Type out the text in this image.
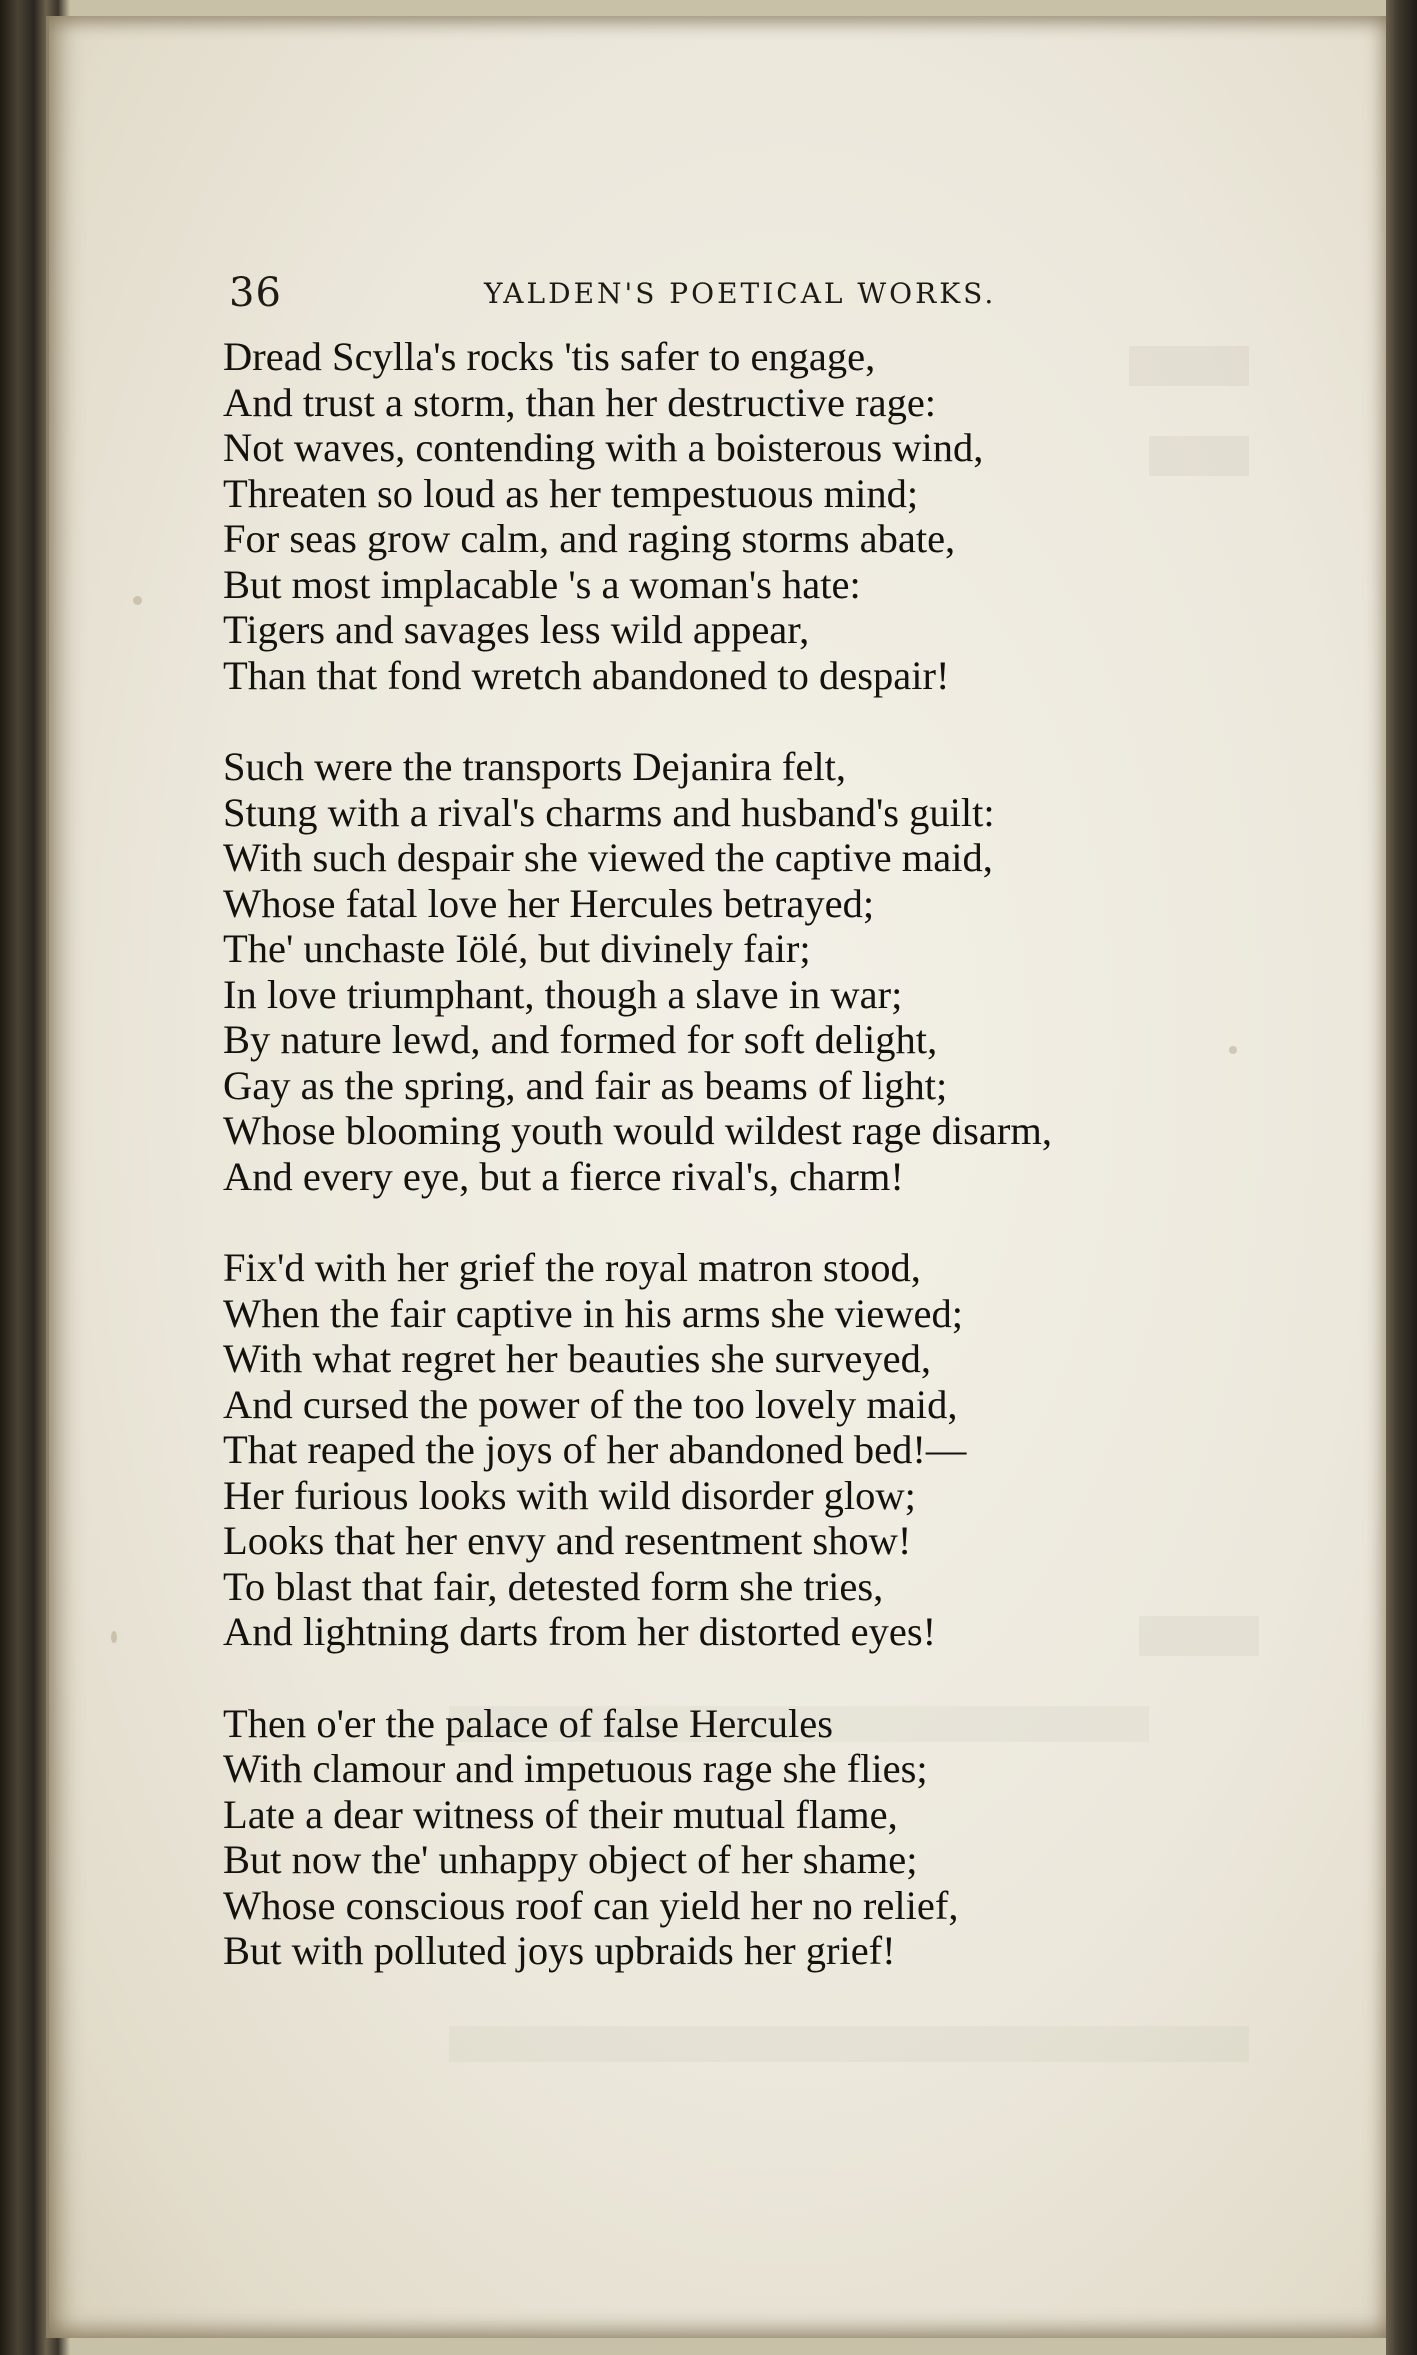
36	YALDEN'S POETICAL WORKS.
Dread Scylla's rocks 'tis safer to engage,
And trust a storm, than her destructive rage:
Not waves, contending with a boisterous wind,
Threaten so loud as her tempestuous mind;
For seas grow calm, and raging storms abate,
But most implacable 's a woman's hate:
Tigers and savages less wild appear,
Than that fond wretch abandoned to despair!
Such were the transports Dejanira felt,
Stung with a rival's charms and husband's guilt:
With such despair she viewed the captive maid,
Whose fatal love her Hercules betrayed;
The' unchaste Iölé, but divinely fair;
In love triumphant, though a slave in war;
By nature lewd, and formed for soft delight,
Gay as the spring, and fair as beams of light;
Whose blooming youth would wildest rage disarm,
And every eye, but a fierce rival's, charm!
Fix'd with her grief the royal matron stood,
When the fair captive in his arms she viewed;
With what regret her beauties she surveyed,
And cursed the power of the too lovely maid,
That reaped the joys of her abandoned bed!—
Her furious looks with wild disorder glow;
Looks that her envy and resentment show!
To blast that fair, detested form she tries,
And lightning darts from her distorted eyes!
Then o'er the palace of false Hercules
With clamour and impetuous rage she flies;
Late a dear witness of their mutual flame,
But now the' unhappy object of her shame;
Whose conscious roof can yield her no relief,
But with polluted joys upbraids her grief!
